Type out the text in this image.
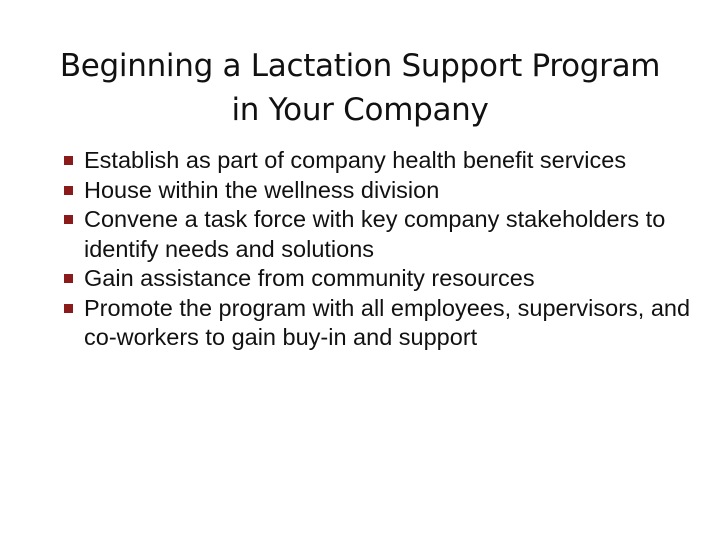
Beginning a Lactation Support Program
in Your Company
Establish as part of company health benefit services
House within the wellness division
Convene a task force with key company stakeholders to identify needs and solutions
Gain assistance from community resources
Promote the program with all employees, supervisors, and co-workers to gain buy-in and support
